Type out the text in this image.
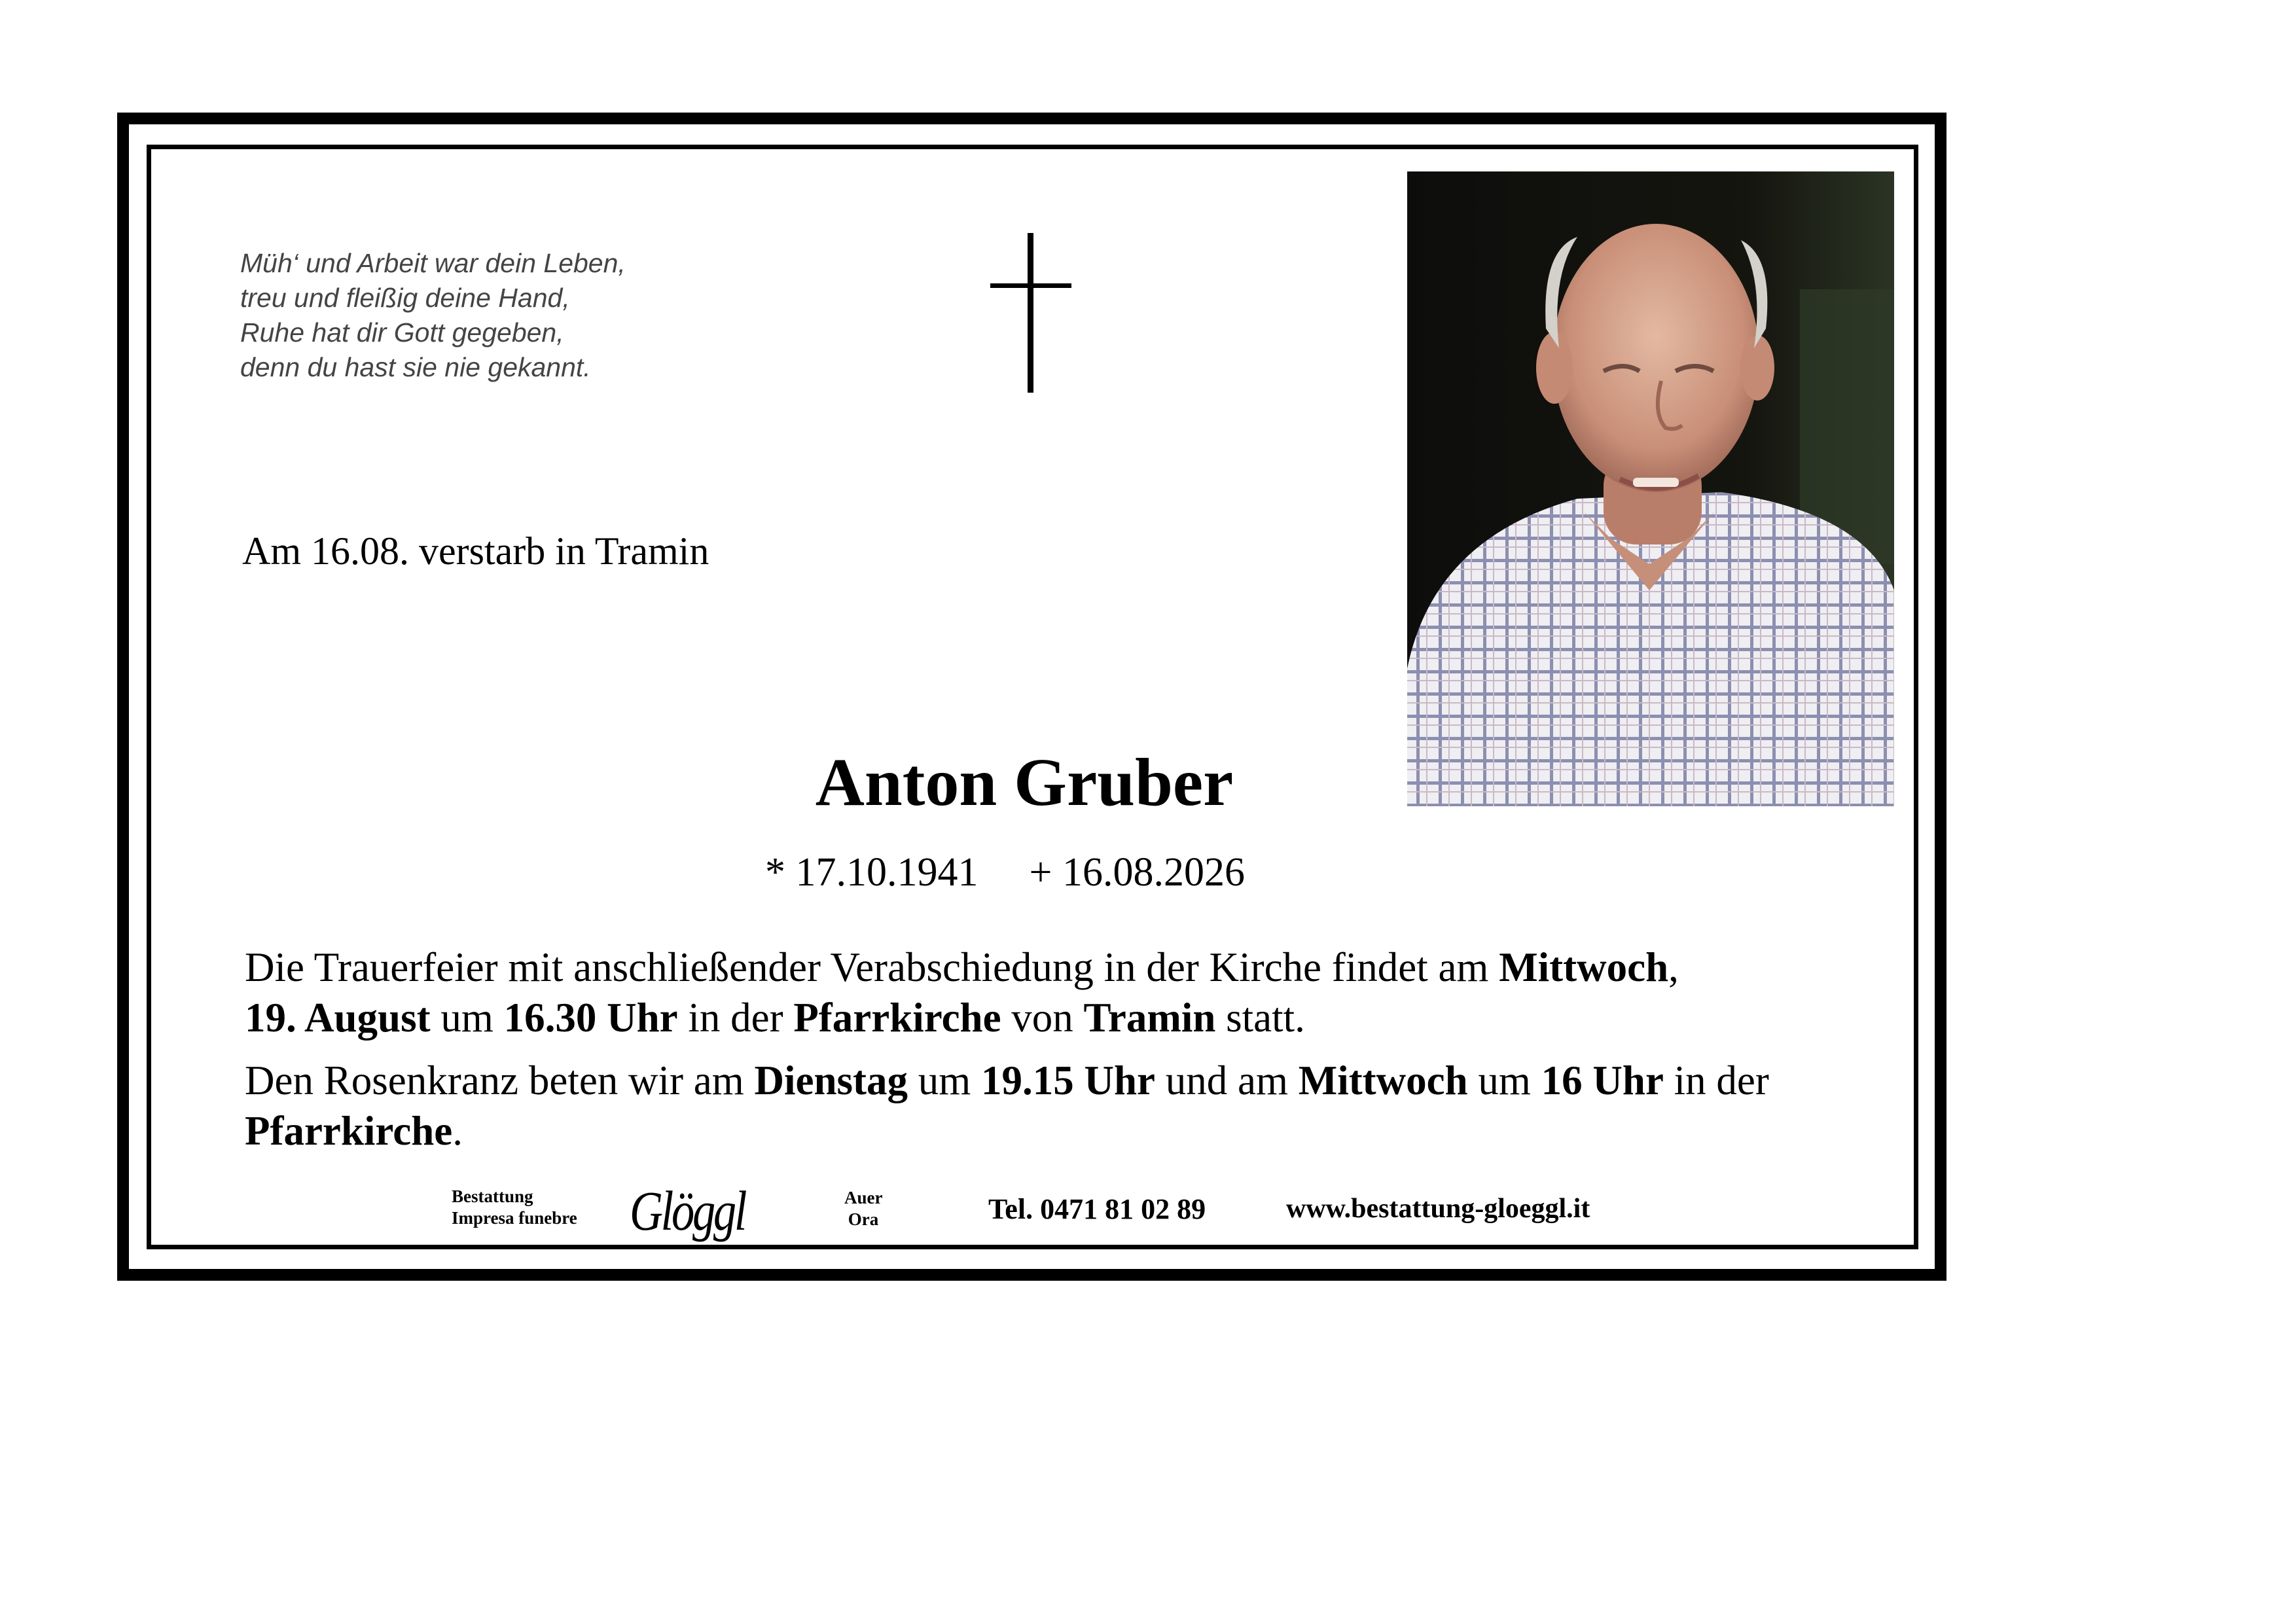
Müh‘ und Arbeit war dein Leben,
treu und fleißig deine Hand,
Ruhe hat dir Gott gegeben,
denn du hast sie nie gekannt.
Am 16.08. verstarb in Tramin
Anton Gruber
* 17.10.1941 + 16.08.2026
Die Trauerfeier mit anschließender Verabschiedung in der Kirche findet am Mittwoch,
19. August um 16.30 Uhr in der Pfarrkirche von Tramin statt.
Den Rosenkranz beten wir am Dienstag um 19.15 Uhr und am Mittwoch um 16 Uhr in der
Pfarrkirche.
Bestattung
Impresa funebre Glöggl	Auer
Ora	Tel. 0471 81 02 89	www.bestattung-gloeggl.it
